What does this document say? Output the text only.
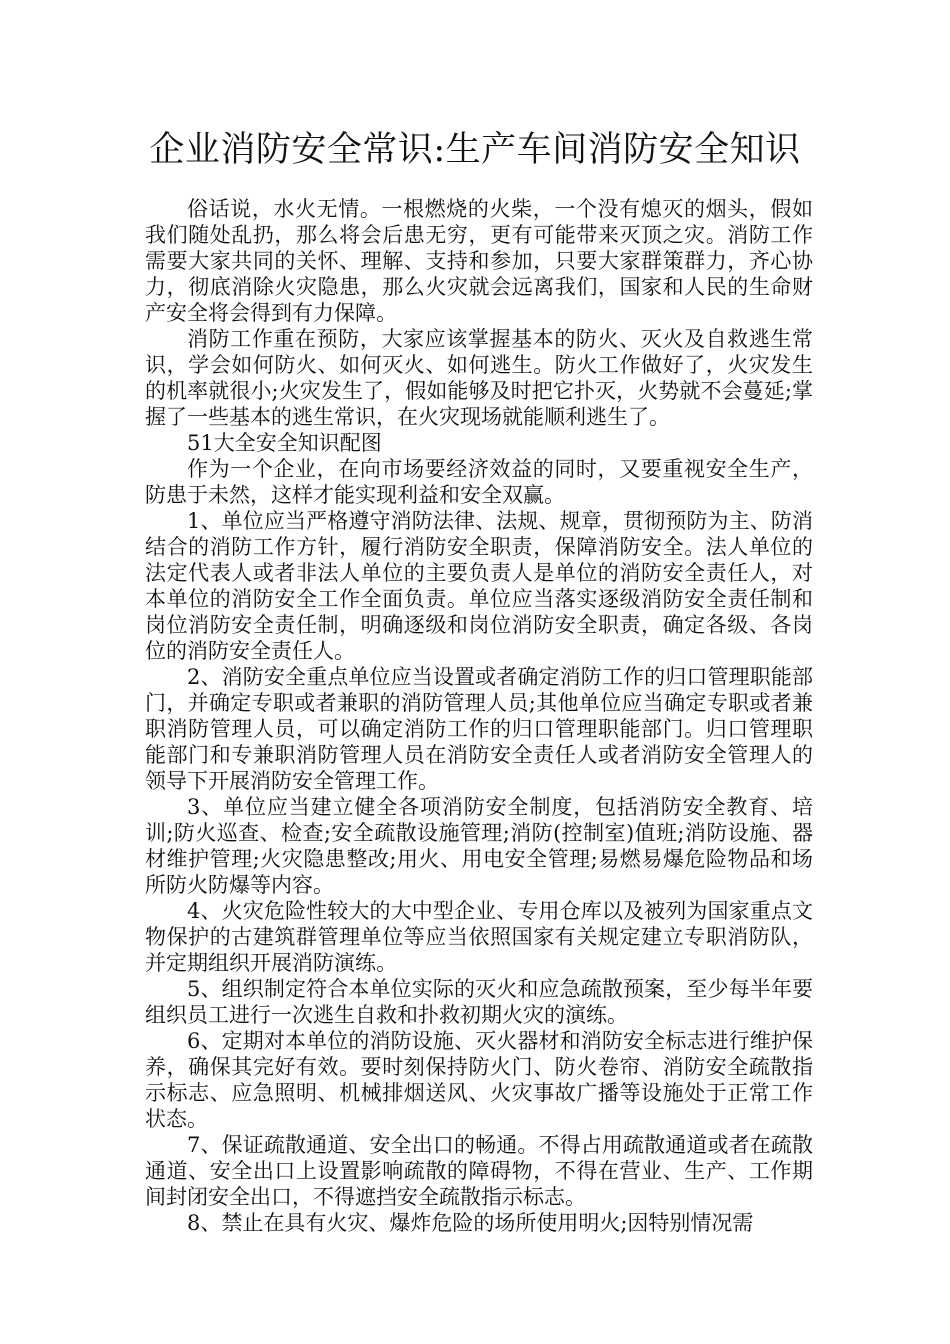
企业消防安全常识:生产车间消防安全知识

俗话说，水火无情。一根燃烧的火柴，一个没有熄灭的烟头，假如我们随处乱扔，那么将会后患无穷，更有可能带来灭顶之灾。消防工作需要大家共同的关怀、理解、支持和参加，只要大家群策群力，齐心协力，彻底消除火灾隐患，那么火灾就会远离我们，国家和人民的生命财产安全将会得到有力保障。

消防工作重在预防，大家应该掌握基本的防火、灭火及自救逃生常识，学会如何防火、如何灭火、如何逃生。防火工作做好了，火灾发生的机率就很小;火灾发生了，假如能够及时把它扑灭，火势就不会蔓延;掌握了一些基本的逃生常识，在火灾现场就能顺利逃生了。

51大全安全知识配图

作为一个企业，在向市场要经济效益的同时，又要重视安全生产，防患于未然，这样才能实现利益和安全双赢。

1、单位应当严格遵守消防法律、法规、规章，贯彻预防为主、防消结合的消防工作方针，履行消防安全职责，保障消防安全。法人单位的法定代表人或者非法人单位的主要负责人是单位的消防安全责任人，对本单位的消防安全工作全面负责。单位应当落实逐级消防安全责任制和岗位消防安全责任制，明确逐级和岗位消防安全职责，确定各级、各岗位的消防安全责任人。

2、消防安全重点单位应当设置或者确定消防工作的归口管理职能部门，并确定专职或者兼职的消防管理人员;其他单位应当确定专职或者兼职消防管理人员，可以确定消防工作的归口管理职能部门。归口管理职能部门和专兼职消防管理人员在消防安全责任人或者消防安全管理人的领导下开展消防安全管理工作。

3、单位应当建立健全各项消防安全制度，包括消防安全教育、培训;防火巡查、检查;安全疏散设施管理;消防(控制室)值班;消防设施、器材维护管理;火灾隐患整改;用火、用电安全管理;易燃易爆危险物品和场所防火防爆等内容。

4、火灾危险性较大的大中型企业、专用仓库以及被列为国家重点文物保护的古建筑群管理单位等应当依照国家有关规定建立专职消防队，并定期组织开展消防演练。

5、组织制定符合本单位实际的灭火和应急疏散预案，至少每半年要组织员工进行一次逃生自救和扑救初期火灾的演练。

6、定期对本单位的消防设施、灭火器材和消防安全标志进行维护保养，确保其完好有效。要时刻保持防火门、防火卷帘、消防安全疏散指示标志、应急照明、机械排烟送风、火灾事故广播等设施处于正常工作状态。

7、保证疏散通道、安全出口的畅通。不得占用疏散通道或者在疏散通道、安全出口上设置影响疏散的障碍物，不得在营业、生产、工作期间封闭安全出口，不得遮挡安全疏散指示标志。

8、禁止在具有火灾、爆炸危险的场所使用明火;因特别情况需
